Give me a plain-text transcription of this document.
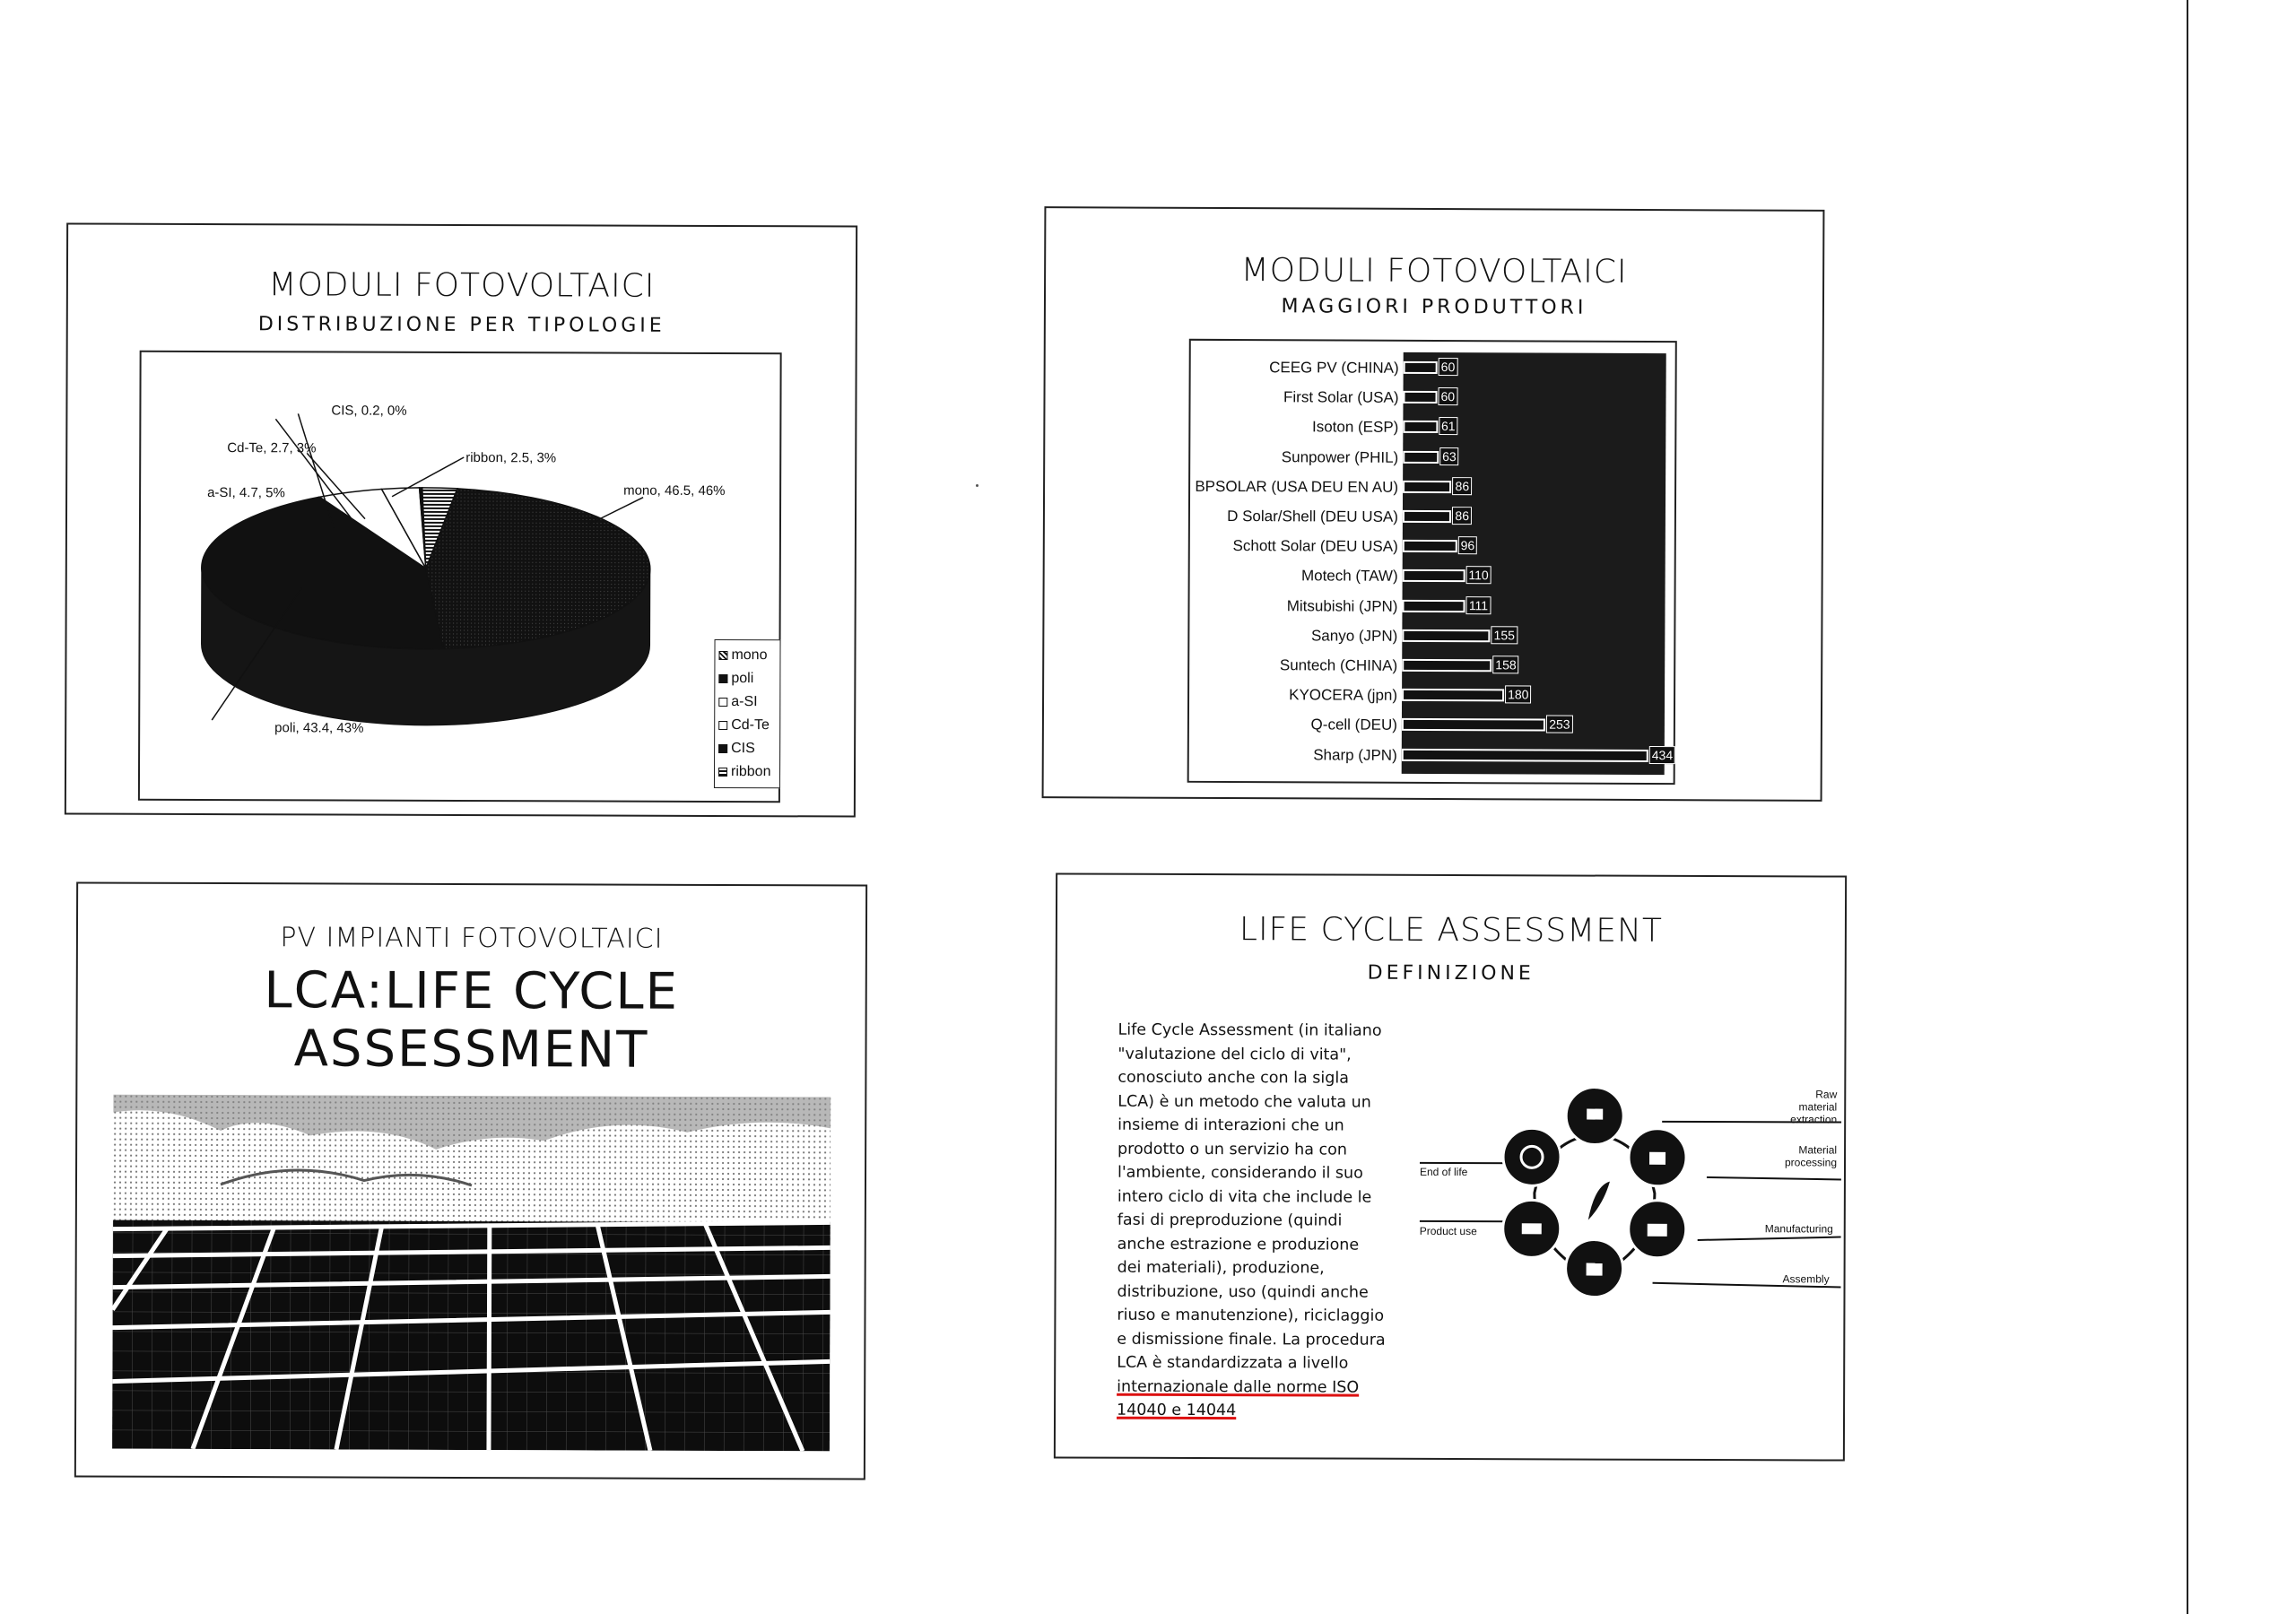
MODULI FOTOVOLTAICI
DISTRIBUZIONE PER TIPOLOGIE
CIS, 0.2, 0%
Cd-Te, 2.7, 3%
ribbon, 2.5, 3%
a-SI, 4.7, 5%	mono, 46.5, 46%
poli, 43.4, 43%
mono
poli
a-SI
Cd-Te
CIS
ribbon
MODULI FOTOVOLTAICI
MAGGIORI PRODUTTORI
CEEG PV (CHINA)	60
First Solar (USA)	60
Isoton (ESP)	61
Sunpower (PHIL)	63
BPSOLAR (USA DEU EN AU)	86
D Solar/Shell (DEU USA)	86
Schott Solar (DEU USA)	96
Motech (TAW)	110
Mitsubishi (JPN)	111
Sanyo (JPN)	155
Suntech (CHINA)	158
KYOCERA (jpn)	180
Q-cell (DEU)	253
Sharp (JPN)	434
PV IMPIANTI FOTOVOLTAICI
LCA:LIFE CYCLE ASSESSMENT
LIFE CYCLE ASSESSMENT
DEFINIZIONE
Life Cycle Assessment (in italiano "valutazione del ciclo di vita", conosciuto anche con la sigla LCA) è un metodo che valuta un insieme di interazioni che un prodotto o un servizio ha con l'ambiente, considerando il suo intero ciclo di vita che include le fasi di preproduzione (quindi anche estrazione e produzione dei materiali), produzione, distribuzione, uso (quindi anche riuso e manutenzione), riciclaggio e dismissione finale. La procedura LCA è standardizzata a livello internazionale dalle norme ISO 14040 e 14044
Raw material extraction
Material processing
Manufacturing
Assembly
Product use
End of life
